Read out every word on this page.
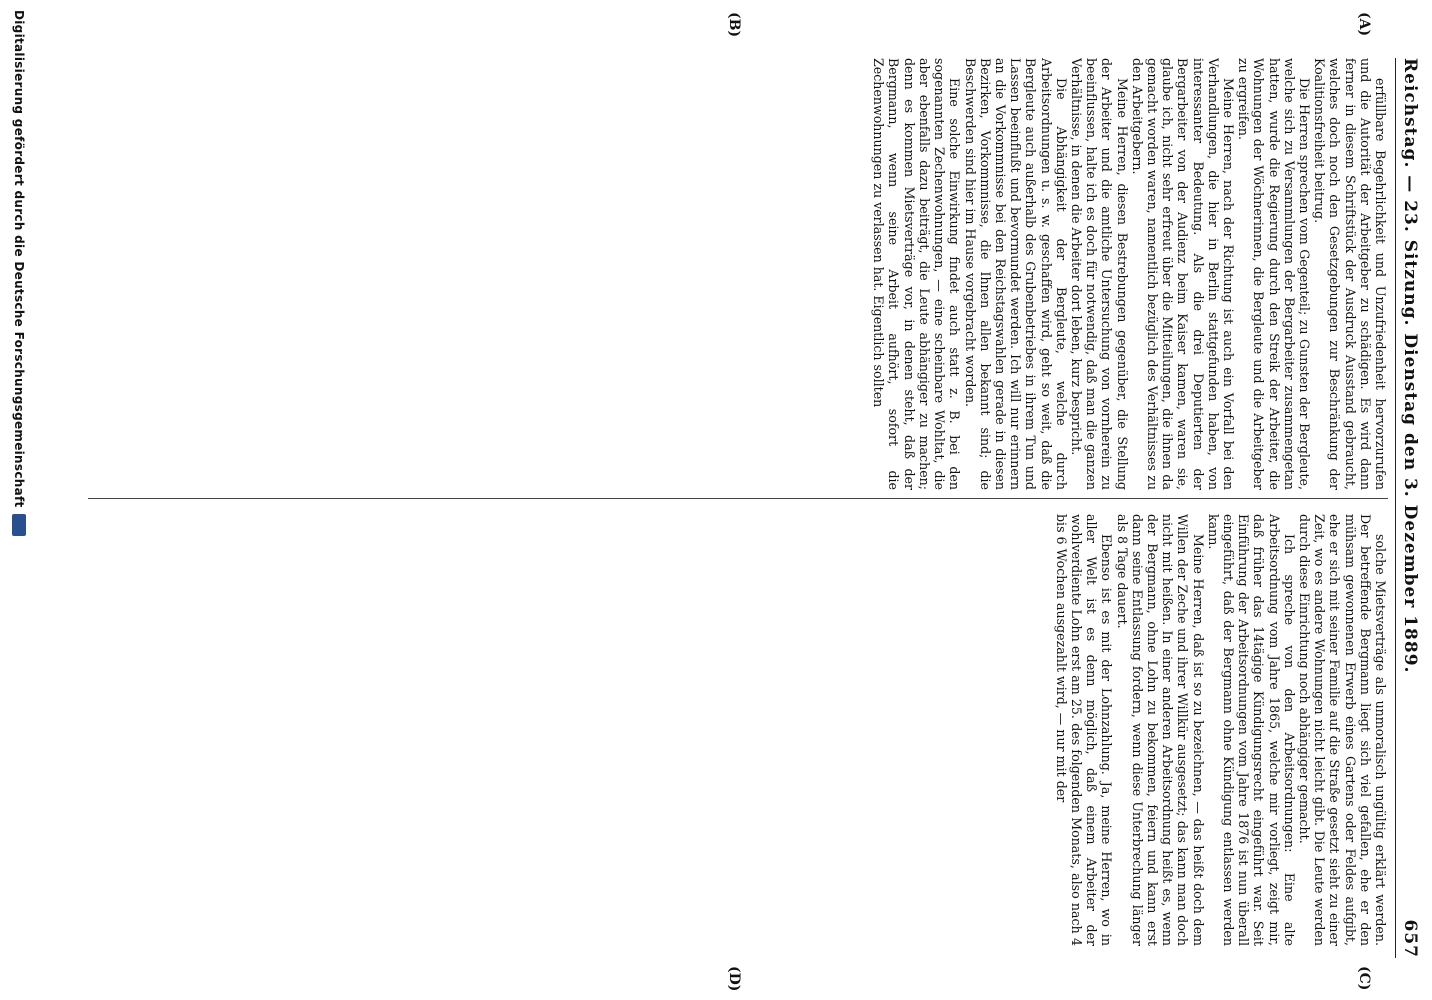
Reichstag. — 23. Sitzung. Dienstag den 3. Dezember 1889.
657
(A)
(B)
(C)
(D)

erfüllbare Begehrlichkeit und Unzufriedenheit hervorzurufen und die Autorität der Arbeitgeber zu schädigen. Es wird dann ferner in diesem Schriftstück der Ausdruck Ausstand gebraucht, welches doch noch den Gesetzgebungen zur Beschränkung der Koalitionsfreiheit beitrug.

Die Herren sprechen vom Gegenteil; zu Gunsten der Bergleute, welche sich zu Versammlungen der Bergarbeiter zusammengetan hatten, wurde die Regierung durch den Streik der Arbeiter, die Wohnungen der Wöchnerinnen, die Bergleute und die Arbeitgeber zu ergreifen.

Meine Herren, nach der Richtung ist auch ein Vorfall bei den Verhandlungen, die hier in Berlin stattgefunden haben, von interessanter Bedeutung. Als die drei Deputierten der Bergarbeiter von der Audienz beim Kaiser kamen, waren sie, glaube ich, nicht sehr erfreut über die Mitteilungen, die ihnen da gemacht worden waren, namentlich bezüglich des Verhältnisses zu den Arbeitgebern.

Meine Herren, diesen Bestrebungen gegenüber, die Stellung der Arbeiter und die amtliche Untersuchung von vornherein zu beeinflussen, halte ich es doch für notwendig, daß man die ganzen Verhältnisse, in denen die Arbeiter dort leben, kurz bespricht.

Die Abhängigkeit der Bergleute, welche durch Arbeitsordnungen u. s. w. geschaffen wird, geht so weit, daß die Bergleute auch außerhalb des Grubenbetriebes in ihrem Tun und Lassen beeinflußt und bevormundet werden. Ich will nur erinnern an die Vorkommnisse bei den Reichstagswahlen gerade in diesen Bezirken, Vorkommnisse, die Ihnen allen bekannt sind; die Beschwerden sind hier im Hause vorgebracht worden.

Eine solche Einwirkung findet auch statt z. B. bei den sogenannten Zechenwohnungen, — eine scheinbare Wohltat, die aber ebenfalls dazu beiträgt, die Leute abhängiger zu machen; denn es kommen Mietsverträge vor, in denen steht, daß der Bergmann, wenn seine Arbeit aufhört, sofort die Zechenwohnungen zu verlassen hat. Eigentlich sollten

solche Mietsverträge als unmoralisch ungültig erklärt werden. Der betreffende Bergmann liegt sich viel gefallen, ehe er den mühsam gewonnenen Erwerb eines Gartens oder Feldes aufgibt, ehe er sich mit seiner Familie auf die Straße gesetzt sieht zu einer Zeit, wo es andere Wohnungen nicht leicht gibt. Die Leute werden durch diese Einrichtung noch abhängiger gemacht.

Ich spreche von den Arbeitsordnungen: Eine alte Arbeitsordnung vom Jahre 1865, welche mir vorliegt, zeigt mir, daß früher das 14tägige Kündigungsrecht eingeführt war. Seit Einführung der Arbeitsordnungen vom Jahre 1876 ist nun überall eingeführt, daß der Bergmann ohne Kündigung entlassen werden kann.

Meine Herren, daß ist so zu bezeichnen, — das heißt doch dem Willen der Zeche und ihrer Willkür ausgesetzt; das kann man doch nicht mit heißen. In einer anderen Arbeitsordnung heißt es, wenn der Bergmann, ohne Lohn zu bekommen, feiern und kann erst dann seine Entlassung fordern, wenn diese Unterbrechung länger als 8 Tage dauert.

Ebenso ist es mit der Lohnzahlung. Ja, meine Herren, wo in aller Welt ist es denn möglich, daß einem Arbeiter der wohlverdiente Lohn erst am 25. des folgenden Monats, also nach 4 bis 6 Wochen ausgezahlt wird, — nur mit der

Digitalisierung gefördert durch die Deutsche Forschungsgemeinschaft
